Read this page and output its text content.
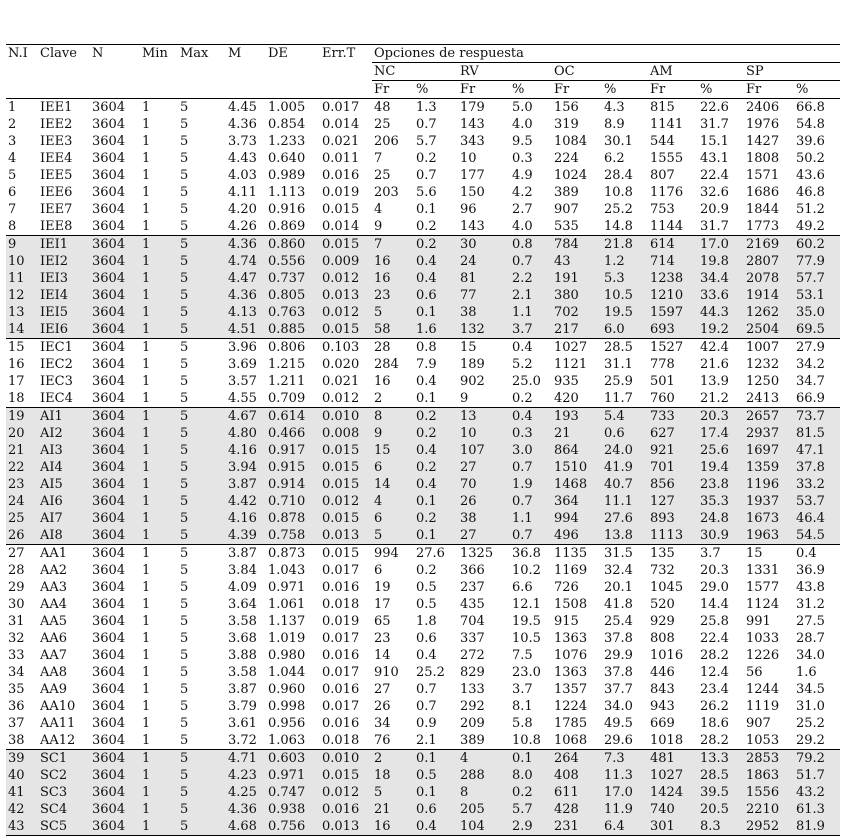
N.I	Clave	N	Min	Max	M	DE	Err.T	Opciones de respuesta									
								NC		RV		OC		AM		SP	
								Fr	%	Fr	%	Fr	%	Fr	%	Fr	%
1	IEE1	3604	1	5	4.45	1.005	0.017	48	1.3	179	5.0	156	4.3	815	22.6	2406	66.8
2	IEE2	3604	1	5	4.36	0.854	0.014	25	0.7	143	4.0	319	8.9	1141	31.7	1976	54.8
3	IEE3	3604	1	5	3.73	1.233	0.021	206	5.7	343	9.5	1084	30.1	544	15.1	1427	39.6
4	IEE4	3604	1	5	4.43	0.640	0.011	7	0.2	10	0.3	224	6.2	1555	43.1	1808	50.2
5	IEE5	3604	1	5	4.03	0.989	0.016	25	0.7	177	4.9	1024	28.4	807	22.4	1571	43.6
6	IEE6	3604	1	5	4.11	1.113	0.019	203	5.6	150	4.2	389	10.8	1176	32.6	1686	46.8
7	IEE7	3604	1	5	4.20	0.916	0.015	4	0.1	96	2.7	907	25.2	753	20.9	1844	51.2
8	IEE8	3604	1	5	4.26	0.869	0.014	9	0.2	143	4.0	535	14.8	1144	31.7	1773	49.2
9	IEI1	3604	1	5	4.36	0.860	0.015	7	0.2	30	0.8	784	21.8	614	17.0	2169	60.2
10	IEI2	3604	1	5	4.74	0.556	0.009	16	0.4	24	0.7	43	1.2	714	19.8	2807	77.9
11	IEI3	3604	1	5	4.47	0.737	0.012	16	0.4	81	2.2	191	5.3	1238	34.4	2078	57.7
12	IEI4	3604	1	5	4.36	0.805	0.013	23	0.6	77	2.1	380	10.5	1210	33.6	1914	53.1
13	IEI5	3604	1	5	4.13	0.763	0.012	5	0.1	38	1.1	702	19.5	1597	44.3	1262	35.0
14	IEI6	3604	1	5	4.51	0.885	0.015	58	1.6	132	3.7	217	6.0	693	19.2	2504	69.5
15	IEC1	3604	1	5	3.96	0.806	0.103	28	0.8	15	0.4	1027	28.5	1527	42.4	1007	27.9
16	IEC2	3604	1	5	3.69	1.215	0.020	284	7.9	189	5.2	1121	31.1	778	21.6	1232	34.2
17	IEC3	3604	1	5	3.57	1.211	0.021	16	0.4	902	25.0	935	25.9	501	13.9	1250	34.7
18	IEC4	3604	1	5	4.55	0.709	0.012	2	0.1	9	0.2	420	11.7	760	21.2	2413	66.9
19	AI1	3604	1	5	4.67	0.614	0.010	8	0.2	13	0.4	193	5.4	733	20.3	2657	73.7
20	AI2	3604	1	5	4.80	0.466	0.008	9	0.2	10	0.3	21	0.6	627	17.4	2937	81.5
21	AI3	3604	1	5	4.16	0.917	0.015	15	0.4	107	3.0	864	24.0	921	25.6	1697	47.1
22	AI4	3604	1	5	3.94	0.915	0.015	6	0.2	27	0.7	1510	41.9	701	19.4	1359	37.8
23	AI5	3604	1	5	3.87	0.914	0.015	14	0.4	70	1.9	1468	40.7	856	23.8	1196	33.2
24	AI6	3604	1	5	4.42	0.710	0.012	4	0.1	26	0.7	364	11.1	127	35.3	1937	53.7
25	AI7	3604	1	5	4.16	0.878	0.015	6	0.2	38	1.1	994	27.6	893	24.8	1673	46.4
26	AI8	3604	1	5	4.39	0.758	0.013	5	0.1	27	0.7	496	13.8	1113	30.9	1963	54.5
27	AA1	3604	1	5	3.87	0.873	0.015	994	27.6	1325	36.8	1135	31.5	135	3.7	15	0.4
28	AA2	3604	1	5	3.84	1.043	0.017	6	0.2	366	10.2	1169	32.4	732	20.3	1331	36.9
29	AA3	3604	1	5	4.09	0.971	0.016	19	0.5	237	6.6	726	20.1	1045	29.0	1577	43.8
30	AA4	3604	1	5	3.64	1.061	0.018	17	0.5	435	12.1	1508	41.8	520	14.4	1124	31.2
31	AA5	3604	1	5	3.58	1.137	0.019	65	1.8	704	19.5	915	25.4	929	25.8	991	27.5
32	AA6	3604	1	5	3.68	1.019	0.017	23	0.6	337	10.5	1363	37.8	808	22.4	1033	28.7
33	AA7	3604	1	5	3.88	0.980	0.016	14	0.4	272	7.5	1076	29.9	1016	28.2	1226	34.0
34	AA8	3604	1	5	3.58	1.044	0.017	910	25.2	829	23.0	1363	37.8	446	12.4	56	1.6
35	AA9	3604	1	5	3.87	0.960	0.016	27	0.7	133	3.7	1357	37.7	843	23.4	1244	34.5
36	AA10	3604	1	5	3.79	0.998	0.017	26	0.7	292	8.1	1224	34.0	943	26.2	1119	31.0
37	AA11	3604	1	5	3.61	0.956	0.016	34	0.9	209	5.8	1785	49.5	669	18.6	907	25.2
38	AA12	3604	1	5	3.72	1.063	0.018	76	2.1	389	10.8	1068	29.6	1018	28.2	1053	29.2
39	SC1	3604	1	5	4.71	0.603	0.010	2	0.1	4	0.1	264	7.3	481	13.3	2853	79.2
40	SC2	3604	1	5	4.23	0.971	0.015	18	0.5	288	8.0	408	11.3	1027	28.5	1863	51.7
41	SC3	3604	1	5	4.25	0.747	0.012	5	0.1	8	0.2	611	17.0	1424	39.5	1556	43.2
42	SC4	3604	1	5	4.36	0.938	0.016	21	0.6	205	5.7	428	11.9	740	20.5	2210	61.3
43	SC5	3604	1	5	4.68	0.756	0.013	16	0.4	104	2.9	231	6.4	301	8.3	2952	81.9
